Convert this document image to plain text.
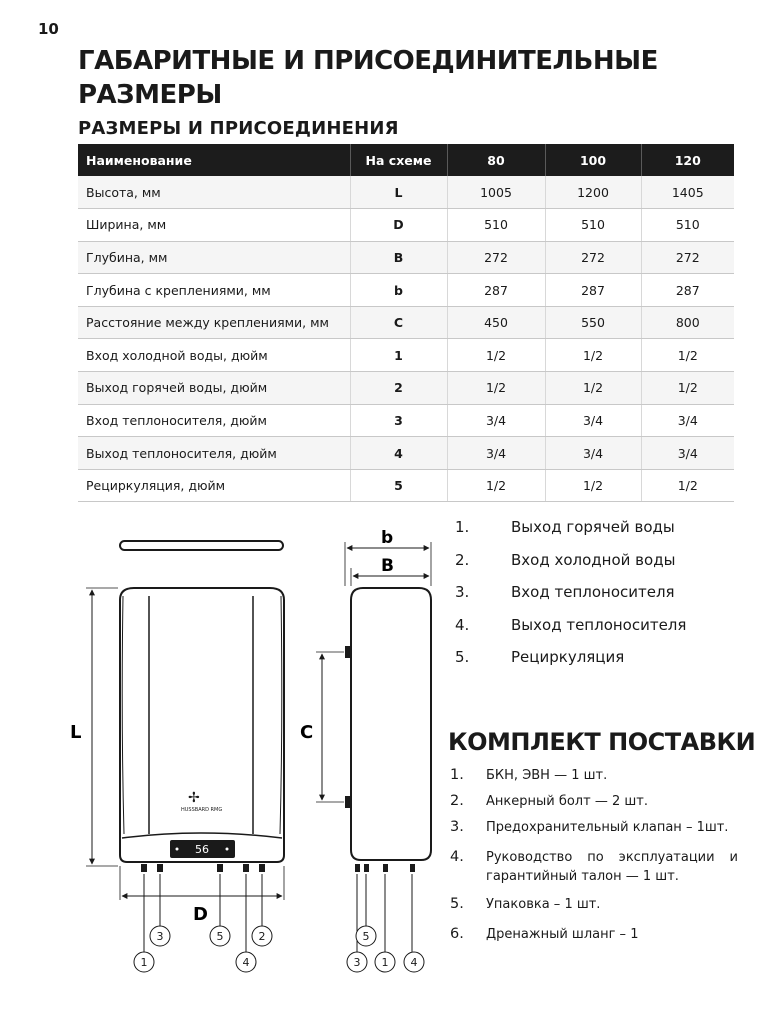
10
ГАБАРИТНЫЕ И ПРИСОЕДИНИТЕЛЬНЫЕ РАЗМЕРЫ
РАЗМЕРЫ И ПРИСОЕДИНЕНИЯ
Наименование	На схеме	80	100	120
Высота, мм	L	1005	1200	1405
Ширина, мм	D	510	510	510
Глубина, мм	B	272	272	272
Глубина с креплениями, мм	b	287	287	287
Расстояние между креплениями, мм	C	450	550	800
Вход холодной воды, дюйм	1	1/2	1/2	1/2
Выход горячей воды, дюйм	2	1/2	1/2	1/2
Вход теплоносителя, дюйм	3	3/4	3/4	3/4
Выход теплоносителя, дюйм	4	3/4	3/4	3/4
Рециркуляция, дюйм	5	1/2	1/2	1/2
56
✢
HUSSBARD RMG
L
D
3
1
5
4
2
b
B
C
5
3 1 4
1.	Выход горячей воды
2.	Вход холодной воды
3.	Вход теплоносителя
4.	Выход теплоносителя
5.	Рециркуляция
КОМПЛЕКТ ПОСТАВКИ
1. БКН, ЭВН — 1 шт.
2. Анкерный болт — 2 шт.
3. Предохранительный клапан – 1шт.
4. Руководство по эксплуатации и
гарантийный талон — 1 шт.
5. Упаковка – 1 шт.
6. Дренажный шланг – 1
